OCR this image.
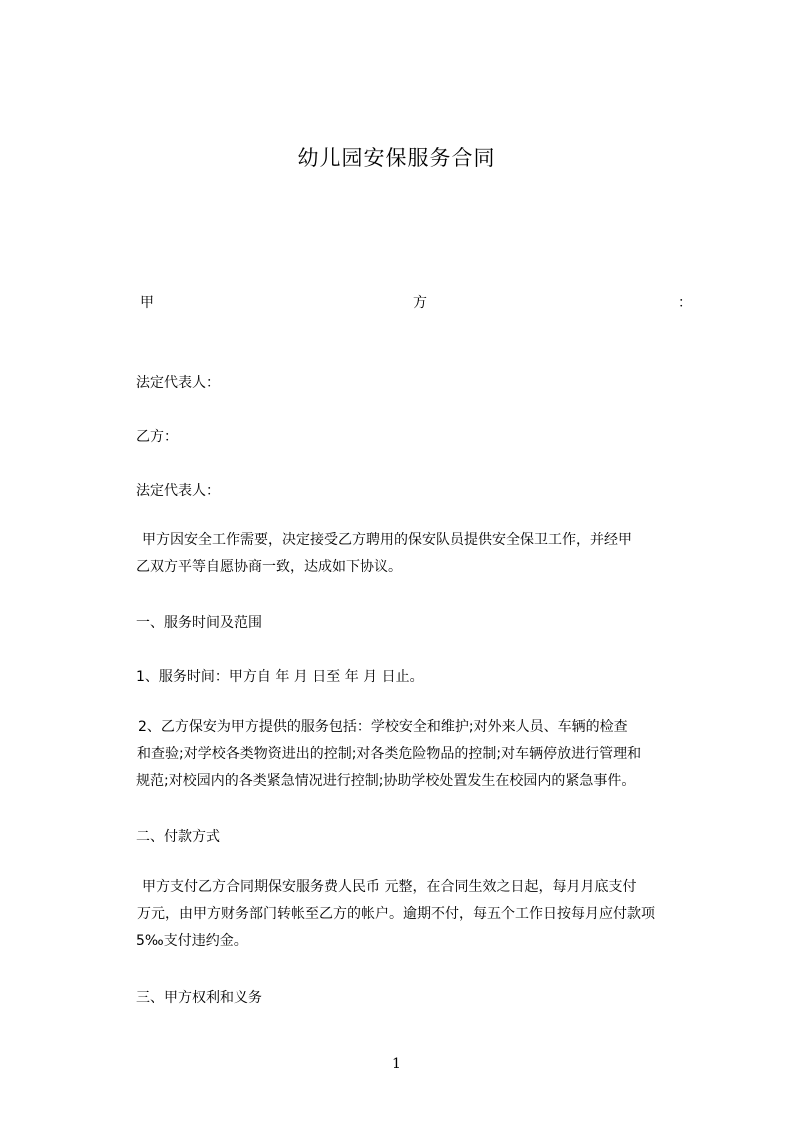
幼儿园安保服务合同
甲	方	：
法定代表人：
乙方：
法定代表人：
甲方因安全工作需要，决定接受乙方聘用的保安队员提供安全保卫工作，并经甲
乙双方平等自愿协商一致，达成如下协议。
一、服务时间及范围
1、服务时间：甲方自 年 月 日至 年 月 日止。
2、乙方保安为甲方提供的服务包括：学校安全和维护;对外来人员、车辆的检查
和查验;对学校各类物资进出的控制;对各类危险物品的控制;对车辆停放进行管理和
规范;对校园内的各类紧急情况进行控制;协助学校处置发生在校园内的紧急事件。
二、付款方式
甲方支付乙方合同期保安服务费人民币 元整，在合同生效之日起，每月月底支付
万元，由甲方财务部门转帐至乙方的帐户。逾期不付，每五个工作日按每月应付款项
5‰支付违约金。
三、甲方权利和义务
1
